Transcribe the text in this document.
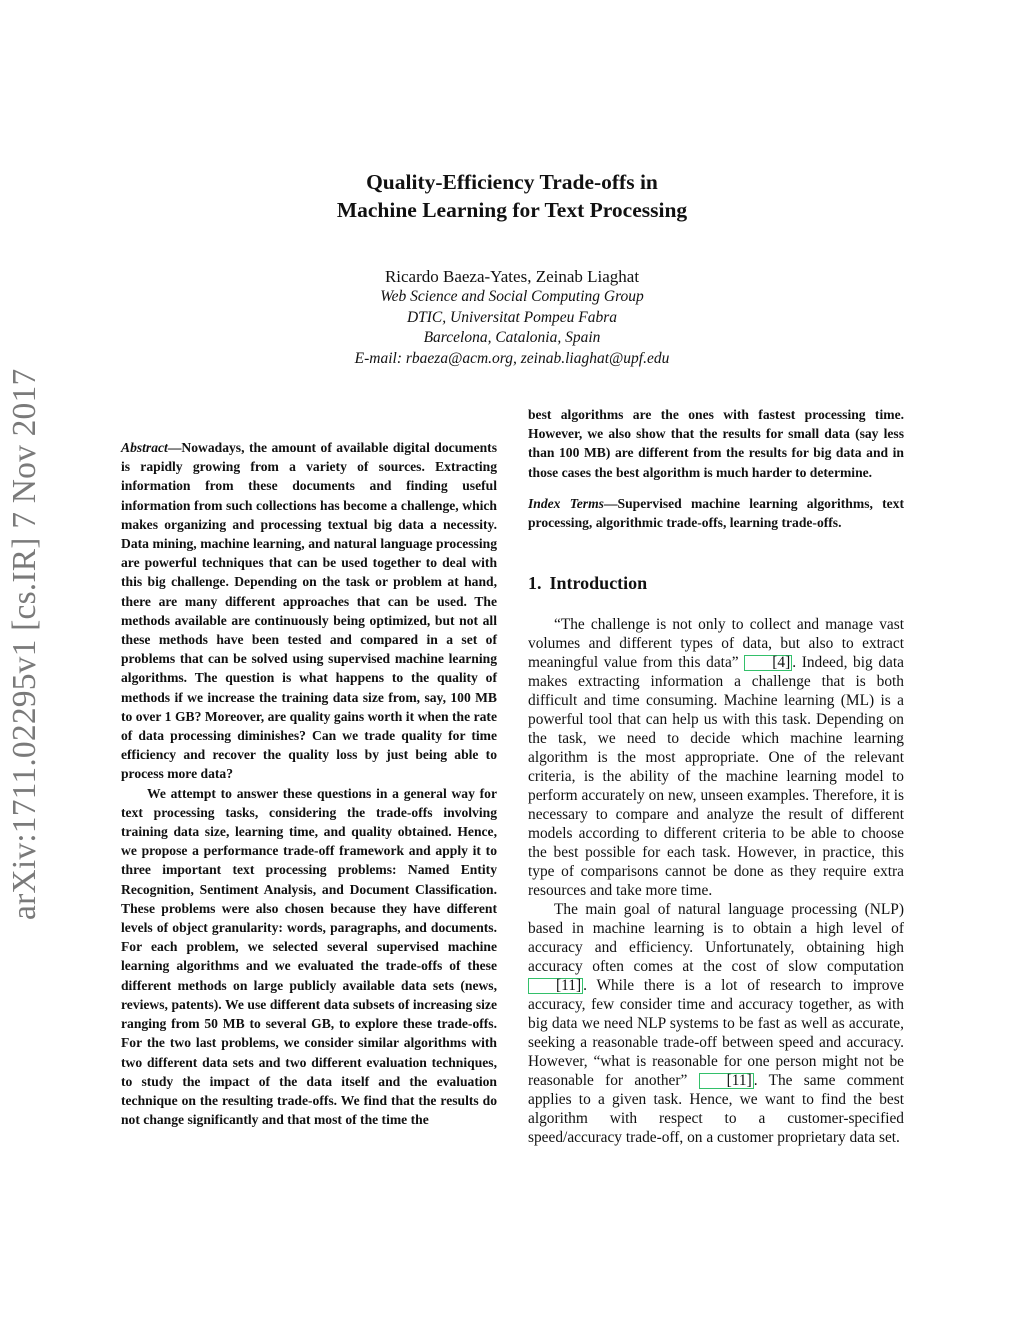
arXiv:1711.02295v1 [cs.IR] 7 Nov 2017
Quality-Efficiency Trade-offs in
Machine Learning for Text Processing
Ricardo Baeza-Yates, Zeinab Liaghat
Web Science and Social Computing Group
DTIC, Universitat Pompeu Fabra
Barcelona, Catalonia, Spain
E-mail: rbaeza@acm.org, zeinab.liaghat@upf.edu

Abstract—Nowadays, the amount of available digital documents is rapidly growing from a variety of sources. Extracting information from these documents and finding useful information from such collections has become a challenge, which makes organizing and processing textual big data a necessity. Data mining, machine learning, and natural language processing are powerful techniques that can be used together to deal with this big challenge. Depending on the task or problem at hand, there are many different approaches that can be used. The methods available are continuously being optimized, but not all these methods have been tested and compared in a set of problems that can be solved using supervised machine learning algorithms. The question is what happens to the quality of methods if we increase the training data size from, say, 100 MB to over 1 GB? Moreover, are quality gains worth it when the rate of data processing diminishes? Can we trade quality for time efficiency and recover the quality loss by just being able to process more data?

We attempt to answer these questions in a general way for text processing tasks, considering the trade-offs involving training data size, learning time, and quality obtained. Hence, we propose a performance trade-off framework and apply it to three important text processing problems: Named Entity Recognition, Sentiment Analysis, and Document Classification. These problems were also chosen because they have different levels of object granularity: words, paragraphs, and documents. For each problem, we selected several supervised machine learning algorithms and we evaluated the trade-offs of these different methods on large publicly available data sets (news, reviews, patents). We use different data subsets of increasing size ranging from 50 MB to several GB, to explore these trade-offs. For the two last problems, we consider similar algorithms with two different data sets and two different evaluation techniques, to study the impact of the data itself and the evaluation technique on the resulting trade-offs. We find that the results do not change significantly and that most of the time the

best algorithms are the ones with fastest processing time. However, we also show that the results for small data (say less than 100 MB) are different from the results for big data and in those cases the best algorithm is much harder to determine.

Index Terms—Supervised machine learning algorithms, text processing, algorithmic trade-offs, learning trade-offs.

1. Introduction

“The challenge is not only to collect and manage vast volumes and different types of data, but also to extract meaningful value from this data” [4] . Indeed, big data makes extracting information a challenge that is both difficult and time consuming. Machine learning (ML) is a powerful tool that can help us with this task. Depending on the task, we need to decide which machine learning algorithm is the most appropriate. One of the relevant criteria, is the ability of the machine learning model to perform accurately on new, unseen examples. Therefore, it is necessary to compare and analyze the result of different models according to different criteria to be able to choose the best possible for each task. However, in practice, this type of comparisons cannot be done as they require extra resources and take more time.

The main goal of natural language processing (NLP) based in machine learning is to obtain a high level of accuracy and efficiency. Unfortunately, obtaining high accuracy often comes at the cost of slow computation [11] . While there is a lot of research to improve accuracy, few consider time and accuracy together, as with big data we need NLP systems to be fast as well as accurate, seeking a reasonable trade-off between speed and accuracy. However, “what is reasonable for one person might not be reasonable for another” [11] . The same comment applies to a given task. Hence, we want to find the best algorithm with respect to a customer-specified speed/accuracy trade-off, on a customer proprietary data set.
